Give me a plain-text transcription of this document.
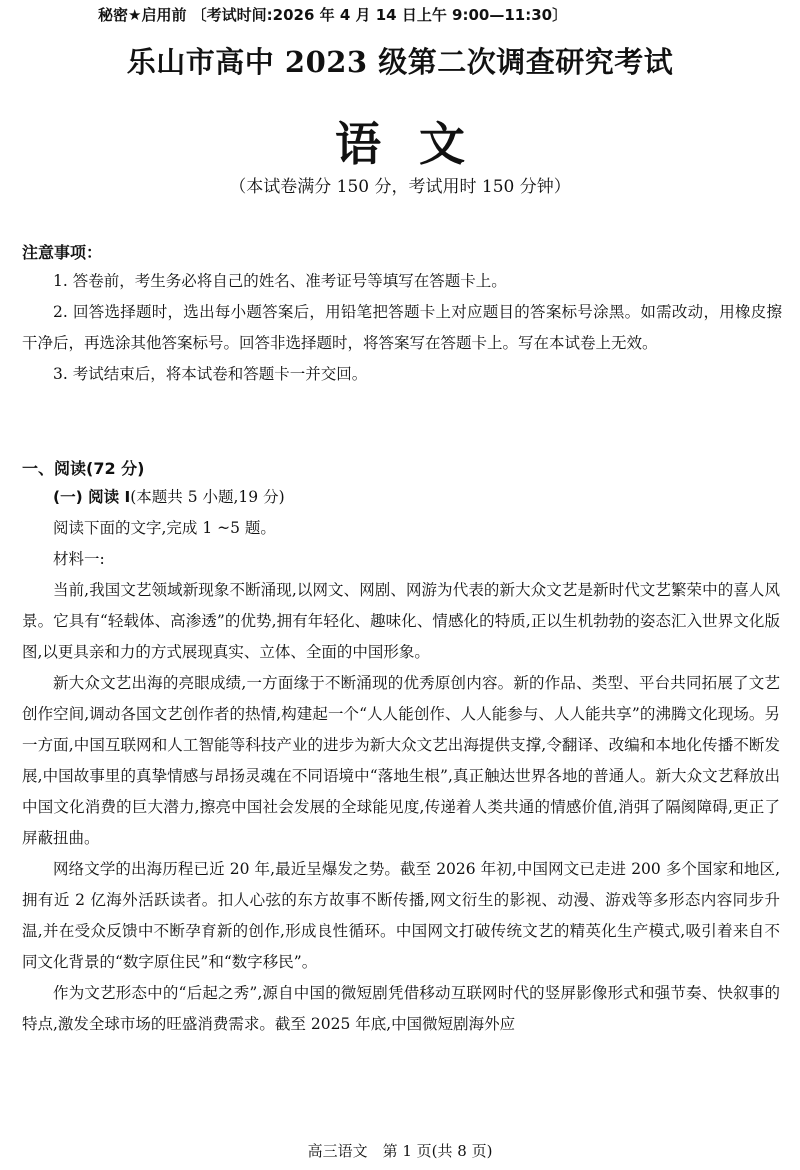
秘密★启用前 〔考试时间:2026 年 4 月 14 日上午 9:00—11:30〕
乐山市高中 2023 级第二次调查研究考试
语文
（本试卷满分 150 分，考试用时 150 分钟）
注意事项：

1. 答卷前，考生务必将自己的姓名、准考证号等填写在答题卡上。

2. 回答选择题时，选出每小题答案后，用铅笔把答题卡上对应题目的答案标号涂黑。如需改动，用橡皮擦干净后，再选涂其他答案标号。回答非选择题时，将答案写在答题卡上。写在本试卷上无效。

3. 考试结束后，将本试卷和答题卡一并交回。

一、阅读(72 分)

(一) 阅读 I(本题共 5 小题,19 分)

阅读下面的文字,完成 1 ~5 题。

材料一:

当前,我国文艺领域新现象不断涌现,以网文、网剧、网游为代表的新大众文艺是新时代文艺繁荣中的喜人风景。它具有“轻载体、高渗透”的优势,拥有年轻化、趣味化、情感化的特质,正以生机勃勃的姿态汇入世界文化版图,以更具亲和力的方式展现真实、立体、全面的中国形象。

新大众文艺出海的亮眼成绩,一方面缘于不断涌现的优秀原创内容。新的作品、类型、平台共同拓展了文艺创作空间,调动各国文艺创作者的热情,构建起一个“人人能创作、人人能参与、人人能共享”的沸腾文化现场。另一方面,中国互联网和人工智能等科技产业的进步为新大众文艺出海提供支撑,令翻译、改编和本地化传播不断发展,中国故事里的真挚情感与昂扬灵魂在不同语境中“落地生根”,真正触达世界各地的普通人。新大众文艺释放出中国文化消费的巨大潜力,擦亮中国社会发展的全球能见度,传递着人类共通的情感价值,消弭了隔阂障碍,更正了屏蔽扭曲。

网络文学的出海历程已近 20 年,最近呈爆发之势。截至 2026 年初,中国网文已走进 200 多个国家和地区,拥有近 2 亿海外活跃读者。扣人心弦的东方故事不断传播,网文衍生的影视、动漫、游戏等多形态内容同步升温,并在受众反馈中不断孕育新的创作,形成良性循环。中国网文打破传统文艺的精英化生产模式,吸引着来自不同文化背景的“数字原住民”和“数字移民”。

作为文艺形态中的“后起之秀”,源自中国的微短剧凭借移动互联网时代的竖屏影像形式和强节奏、快叙事的特点,激发全球市场的旺盛消费需求。截至 2025 年底,中国微短剧海外应

高三语文　第 1 页(共 8 页)
